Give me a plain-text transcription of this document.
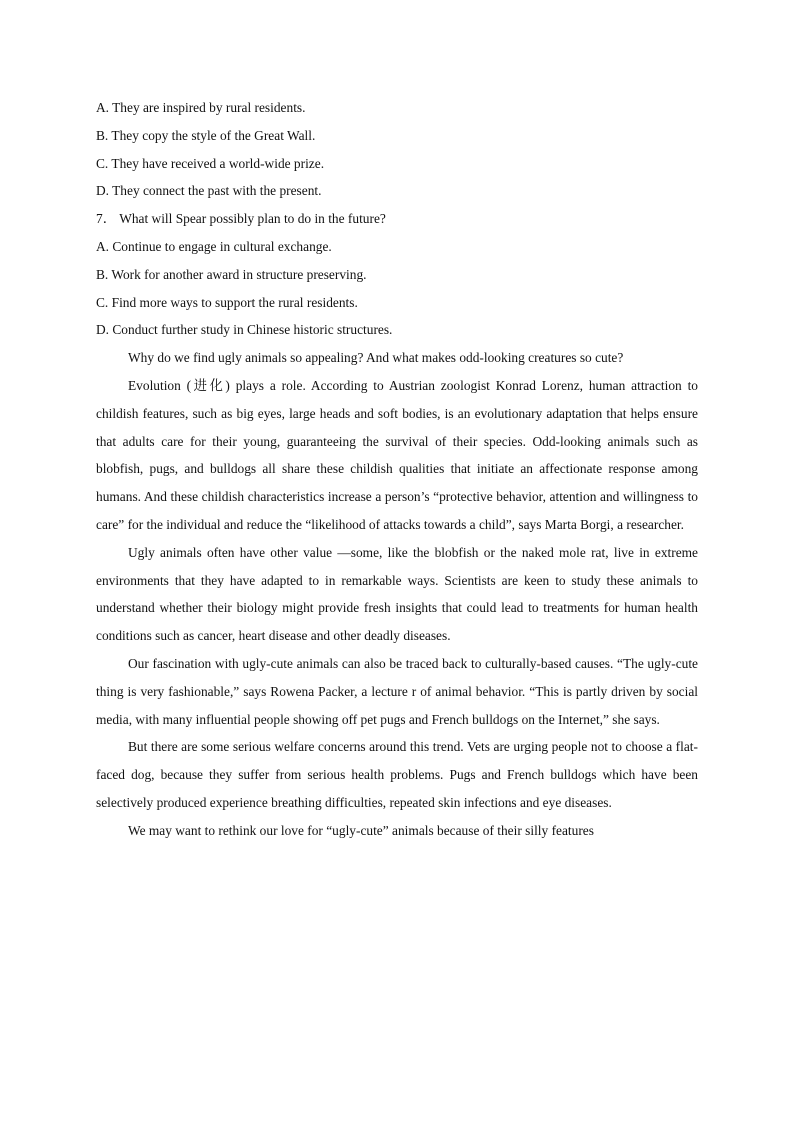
A. They are inspired by rural residents.

B. They copy the style of the Great Wall.

C. They have received a world-wide prize.

D. They connect the past with the present.

7． What will Spear possibly plan to do in the future?

A. Continue to engage in cultural exchange.

B. Work for another award in structure preserving.

C. Find more ways to support the rural residents.

D. Conduct further study in Chinese historic structures.

Why do we find ugly animals so appealing? And what makes odd-looking creatures so cute?

Evolution (进化) plays a role. According to Austrian zoologist Konrad Lorenz, human attraction to childish features, such as big eyes, large heads and soft bodies, is an evolutionary adaptation that helps ensure that adults care for their young, guaranteeing the survival of their species. Odd-looking animals such as blobfish, pugs, and bulldogs all share these childish qualities that initiate an affectionate response among humans. And these childish characteristics increase a person’s “protective behavior, attention and willingness to care” for the individual and reduce the “likelihood of attacks towards a child”, says Marta Borgi, a researcher.

Ugly animals often have other value —some, like the blobfish or the naked mole rat, live in extreme environments that they have adapted to in remarkable ways. Scientists are keen to study these animals to understand whether their biology might provide fresh insights that could lead to treatments for human health conditions such as cancer, heart disease and other deadly diseases.

Our fascination with ugly-cute animals can also be traced back to culturally-based causes. “The ugly-cute thing is very fashionable,” says Rowena Packer, a lecture r of animal behavior. “This is partly driven by social media, with many influential people showing off pet pugs and French bulldogs on the Internet,” she says.

But there are some serious welfare concerns around this trend. Vets are urging people not to choose a flat-faced dog, because they suffer from serious health problems. Pugs and French bulldogs which have been selectively produced experience breathing difficulties, repeated skin infections and eye diseases.

We may want to rethink our love for “ugly-cute” animals because of their silly features
